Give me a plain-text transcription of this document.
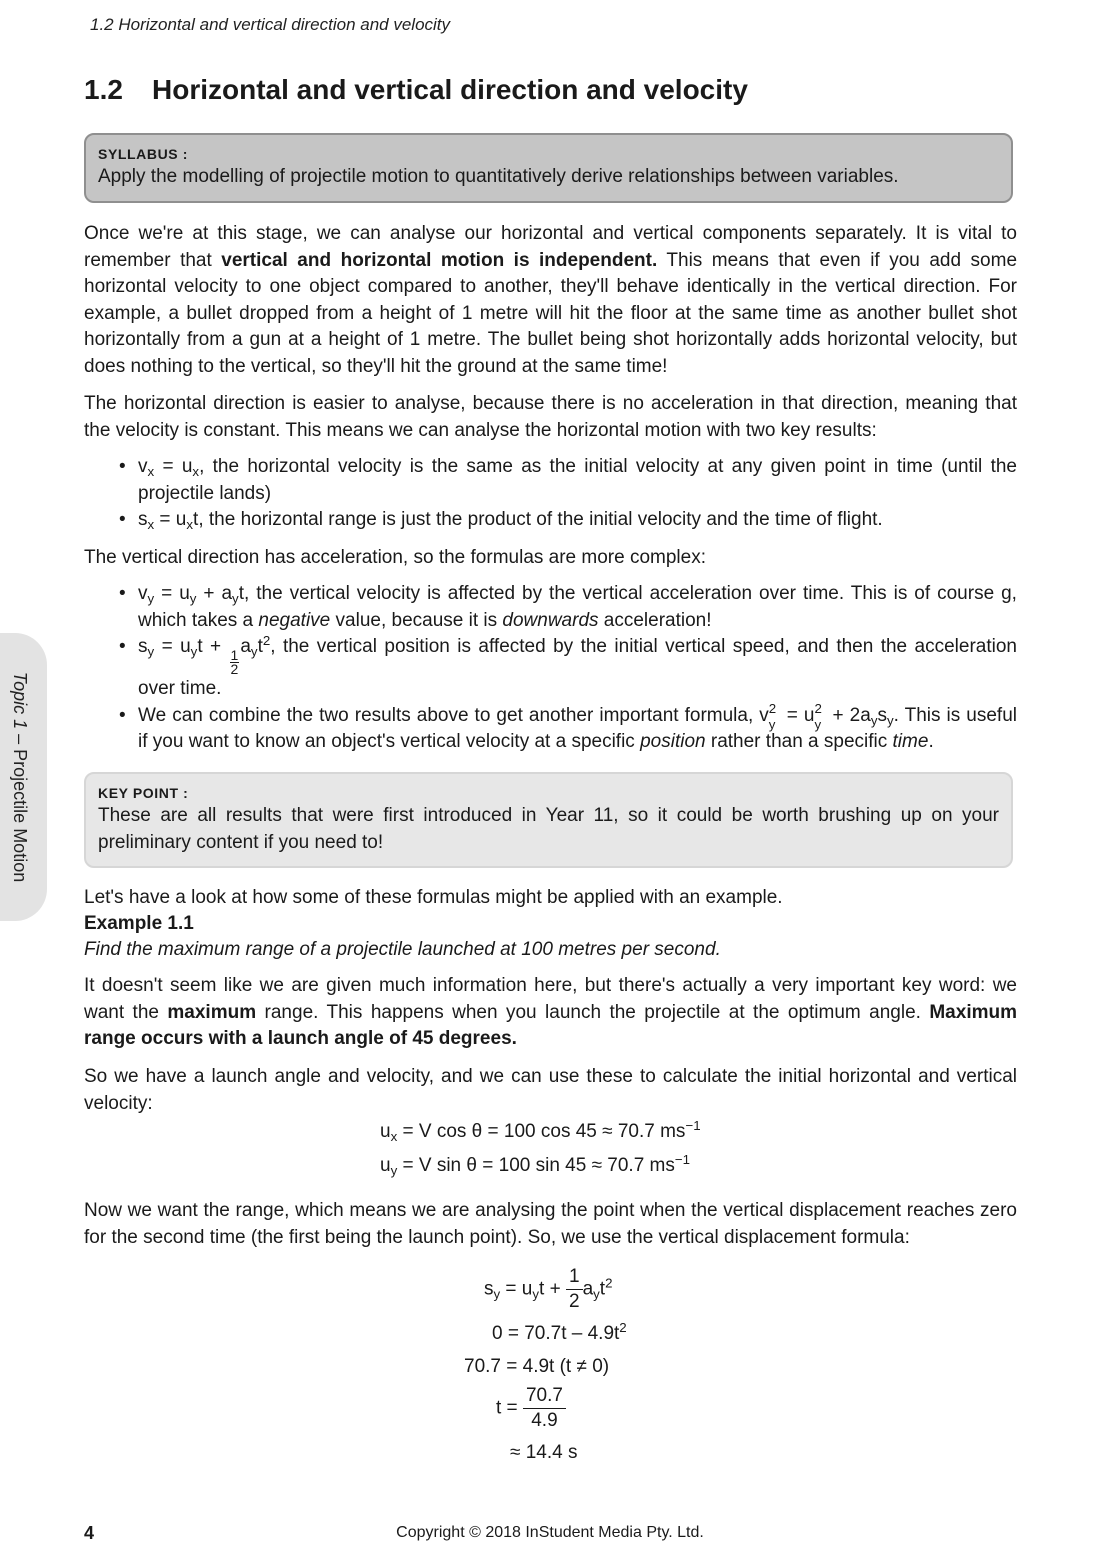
1.2 Horizontal and vertical direction and velocity

Topic 1 – Projectile Motion
1.2 Horizontal and vertical direction and velocity
SYLLABUS :
Apply the modelling of projectile motion to quantitatively derive relationships between variables.

Once we're at this stage, we can analyse our horizontal and vertical components separately. It is vital to remember that vertical and horizontal motion is independent. This means that even if you add some horizontal velocity to one object compared to another, they'll behave identically in the vertical direction. For example, a bullet dropped from a height of 1 metre will hit the floor at the same time as another bullet shot horizontally from a gun at a height of 1 metre. The bullet being shot horizontally adds horizontal velocity, but does nothing to the vertical, so they'll hit the ground at the same time!

The horizontal direction is easier to analyse, because there is no acceleration in that direction, meaning that the velocity is constant. This means we can analyse the horizontal motion with two key results:

• $v_x = u_x$, the horizontal velocity is the same as the initial velocity at any given point in time (until the projectile lands)
• $s_x = u_xt$, the horizontal range is just the product of the initial velocity and the time of flight.

The vertical direction has acceleration, so the formulas are more complex:

• $v_y = u_y + a_yt$, the vertical velocity is affected by the vertical acceleration over time. This is of course g, which takes a negative value, because it is downwards acceleration!
• $s_y = u_yt$ +
$\frac{1}{2}$
$a_yt^2$, the vertical position is affected by the initial vertical speed, and then the acceleration over time.
• We can combine the two results above to get another important formula, v 2
y = u 2
$y + 2a_ys_y$. This is useful if you want to know an object's vertical velocity at a specific position rather than a specific time.
KEY POINT :
These are all results that were first introduced in Year 11, so it could be worth brushing up on your preliminary content if you need to!

Let's have a look at how some of these formulas might be applied with an example.

Example 1.1

Find the maximum range of a projectile launched at 100 metres per second.

It doesn't seem like we are given much information here, but there's actually a very important key word: we want the maximum range. This happens when you launch the projectile at the optimum angle. Maximum range occurs with a launch angle of 45 degrees.

So we have a launch angle and velocity, and we can use these to calculate the initial horizontal and vertical velocity:

$u_x = V$ cos θ = 100 cos 45 ≈ 70.7 $ms^{-1}$
$u_y = V$ sin θ = 100 sin 45 ≈ 70.7 $ms^{-1}$

Now we want the range, which means we are analysing the point when the vertical displacement reaches zero for the second time (the first being the launch point). So, we use the vertical displacement formula:

$s_y = u_yt + \frac{1}{2} a_yt^2$
$0 = 70.7t - 4.9t^2$
70.7 = 4.9t (t ≠ 0)
$t = \frac{70.7}{4.9}$
≈ 14.4 s

4	Copyright © 2018 InStudent Media Pty. Ltd.
